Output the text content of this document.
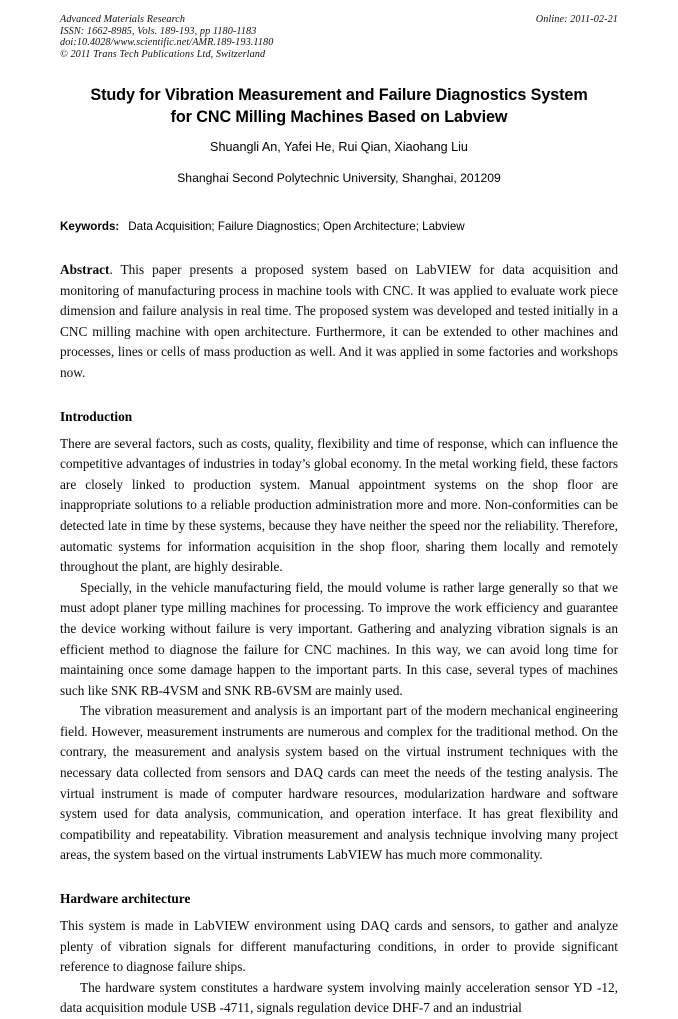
Advanced Materials Research
ISSN: 1662-8985, Vols. 189-193, pp 1180-1183
doi:10.4028/www.scientific.net/AMR.189-193.1180
© 2011 Trans Tech Publications Ltd, Switzerland
Online: 2011-02-21
Study for Vibration Measurement and Failure Diagnostics System for CNC Milling Machines Based on Labview
Shuangli An, Yafei He, Rui Qian, Xiaohang Liu
Shanghai Second Polytechnic University, Shanghai, 201209
Keywords: Data Acquisition; Failure Diagnostics; Open Architecture; Labview
Abstract. This paper presents a proposed system based on LabVIEW for data acquisition and monitoring of manufacturing process in machine tools with CNC. It was applied to evaluate work piece dimension and failure analysis in real time. The proposed system was developed and tested initially in a CNC milling machine with open architecture. Furthermore, it can be extended to other machines and processes, lines or cells of mass production as well. And it was applied in some factories and workshops now.
Introduction

There are several factors, such as costs, quality, flexibility and time of response, which can influence the competitive advantages of industries in today’s global economy. In the metal working field, these factors are closely linked to production system. Manual appointment systems on the shop floor are inappropriate solutions to a reliable production administration more and more. Non-conformities can be detected late in time by these systems, because they have neither the speed nor the reliability. Therefore, automatic systems for information acquisition in the shop floor, sharing them locally and remotely throughout the plant, are highly desirable.

Specially, in the vehicle manufacturing field, the mould volume is rather large generally so that we must adopt planer type milling machines for processing. To improve the work efficiency and guarantee the device working without failure is very important. Gathering and analyzing vibration signals is an efficient method to diagnose the failure for CNC machines. In this way, we can avoid long time for maintaining once some damage happen to the important parts. In this case, several types of machines such like SNK RB-4VSM and SNK RB-6VSM are mainly used.

The vibration measurement and analysis is an important part of the modern mechanical engineering field. However, measurement instruments are numerous and complex for the traditional method. On the contrary, the measurement and analysis system based on the virtual instrument techniques with the necessary data collected from sensors and DAQ cards can meet the needs of the testing analysis. The virtual instrument is made of computer hardware resources, modularization hardware and software system used for data analysis, communication, and operation interface. It has great flexibility and compatibility and repeatability. Vibration measurement and analysis technique involving many project areas, the system based on the virtual instruments LabVIEW has much more commonality.

Hardware architecture

This system is made in LabVIEW environment using DAQ cards and sensors, to gather and analyze plenty of vibration signals for different manufacturing conditions, in order to provide significant reference to diagnose failure ships.

The hardware system constitutes a hardware system involving mainly acceleration sensor YD -12, data acquisition module USB -4711, signals regulation device DHF-7 and an industrial
